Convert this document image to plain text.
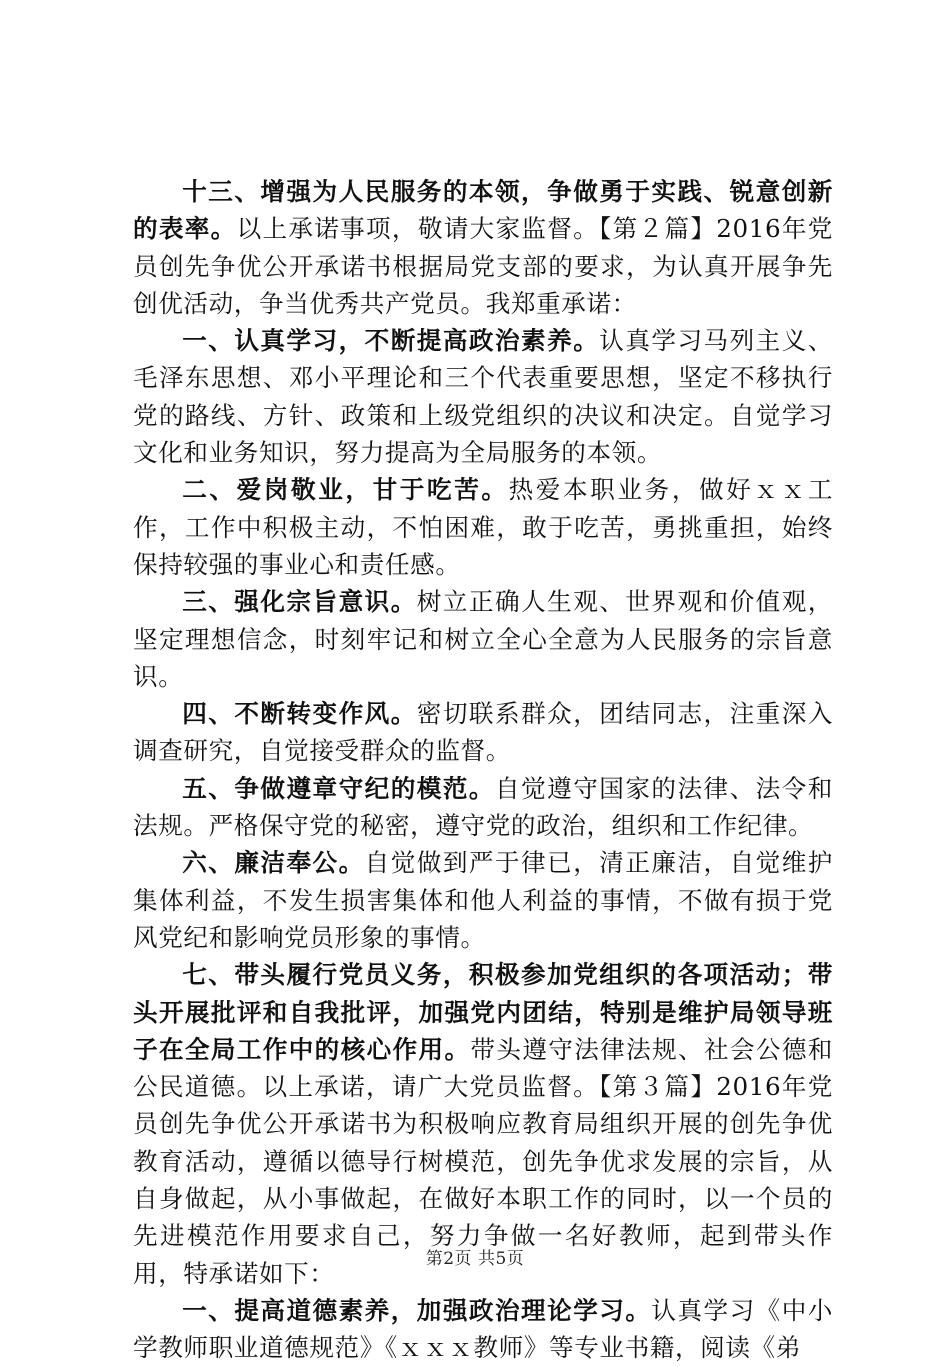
十三、增强为人民服务的本领，争做勇于实践、锐意创新的表率。以上承诺事项，敬请大家监督。【第２篇】2016年党员创先争优公开承诺书根据局党支部的要求，为认真开展争先创优活动，争当优秀共产党员。我郑重承诺：

一、认真学习，不断提高政治素养。认真学习马列主义、毛泽东思想、邓小平理论和三个代表重要思想，坚定不移执行党的路线、方针、政策和上级党组织的决议和决定。自觉学习文化和业务知识，努力提高为全局服务的本领。

二、爱岗敬业，甘于吃苦。热爱本职业务，做好ｘｘ工作，工作中积极主动，不怕困难，敢于吃苦，勇挑重担，始终保持较强的事业心和责任感。

三、强化宗旨意识。树立正确人生观、世界观和价值观，坚定理想信念，时刻牢记和树立全心全意为人民服务的宗旨意识。

四、不断转变作风。密切联系群众，团结同志，注重深入调查研究，自觉接受群众的监督。

五、争做遵章守纪的模范。自觉遵守国家的法律、法令和法规。严格保守党的秘密，遵守党的政治，组织和工作纪律。

六、廉洁奉公。自觉做到严于律已，清正廉洁，自觉维护集体利益，不发生损害集体和他人利益的事情，不做有损于党风党纪和影响党员形象的事情。

七、带头履行党员义务，积极参加党组织的各项活动；带头开展批评和自我批评，加强党内团结，特别是维护局领导班子在全局工作中的核心作用。带头遵守法律法规、社会公德和公民道德。以上承诺，请广大党员监督。【第３篇】2016年党员创先争优公开承诺书为积极响应教育局组织开展的创先争优教育活动，遵循以德导行树模范，创先争优求发展的宗旨，从自身做起，从小事做起，在做好本职工作的同时，以一个员的先进模范作用要求自己，努力争做一名好教师，起到带头作用，特承诺如下：

一、提高道德素养，加强政治理论学习。认真学习《中小学教师职业道德规范》《ｘｘｘ教师》等专业书籍，阅读《弟

第2页 共5页
